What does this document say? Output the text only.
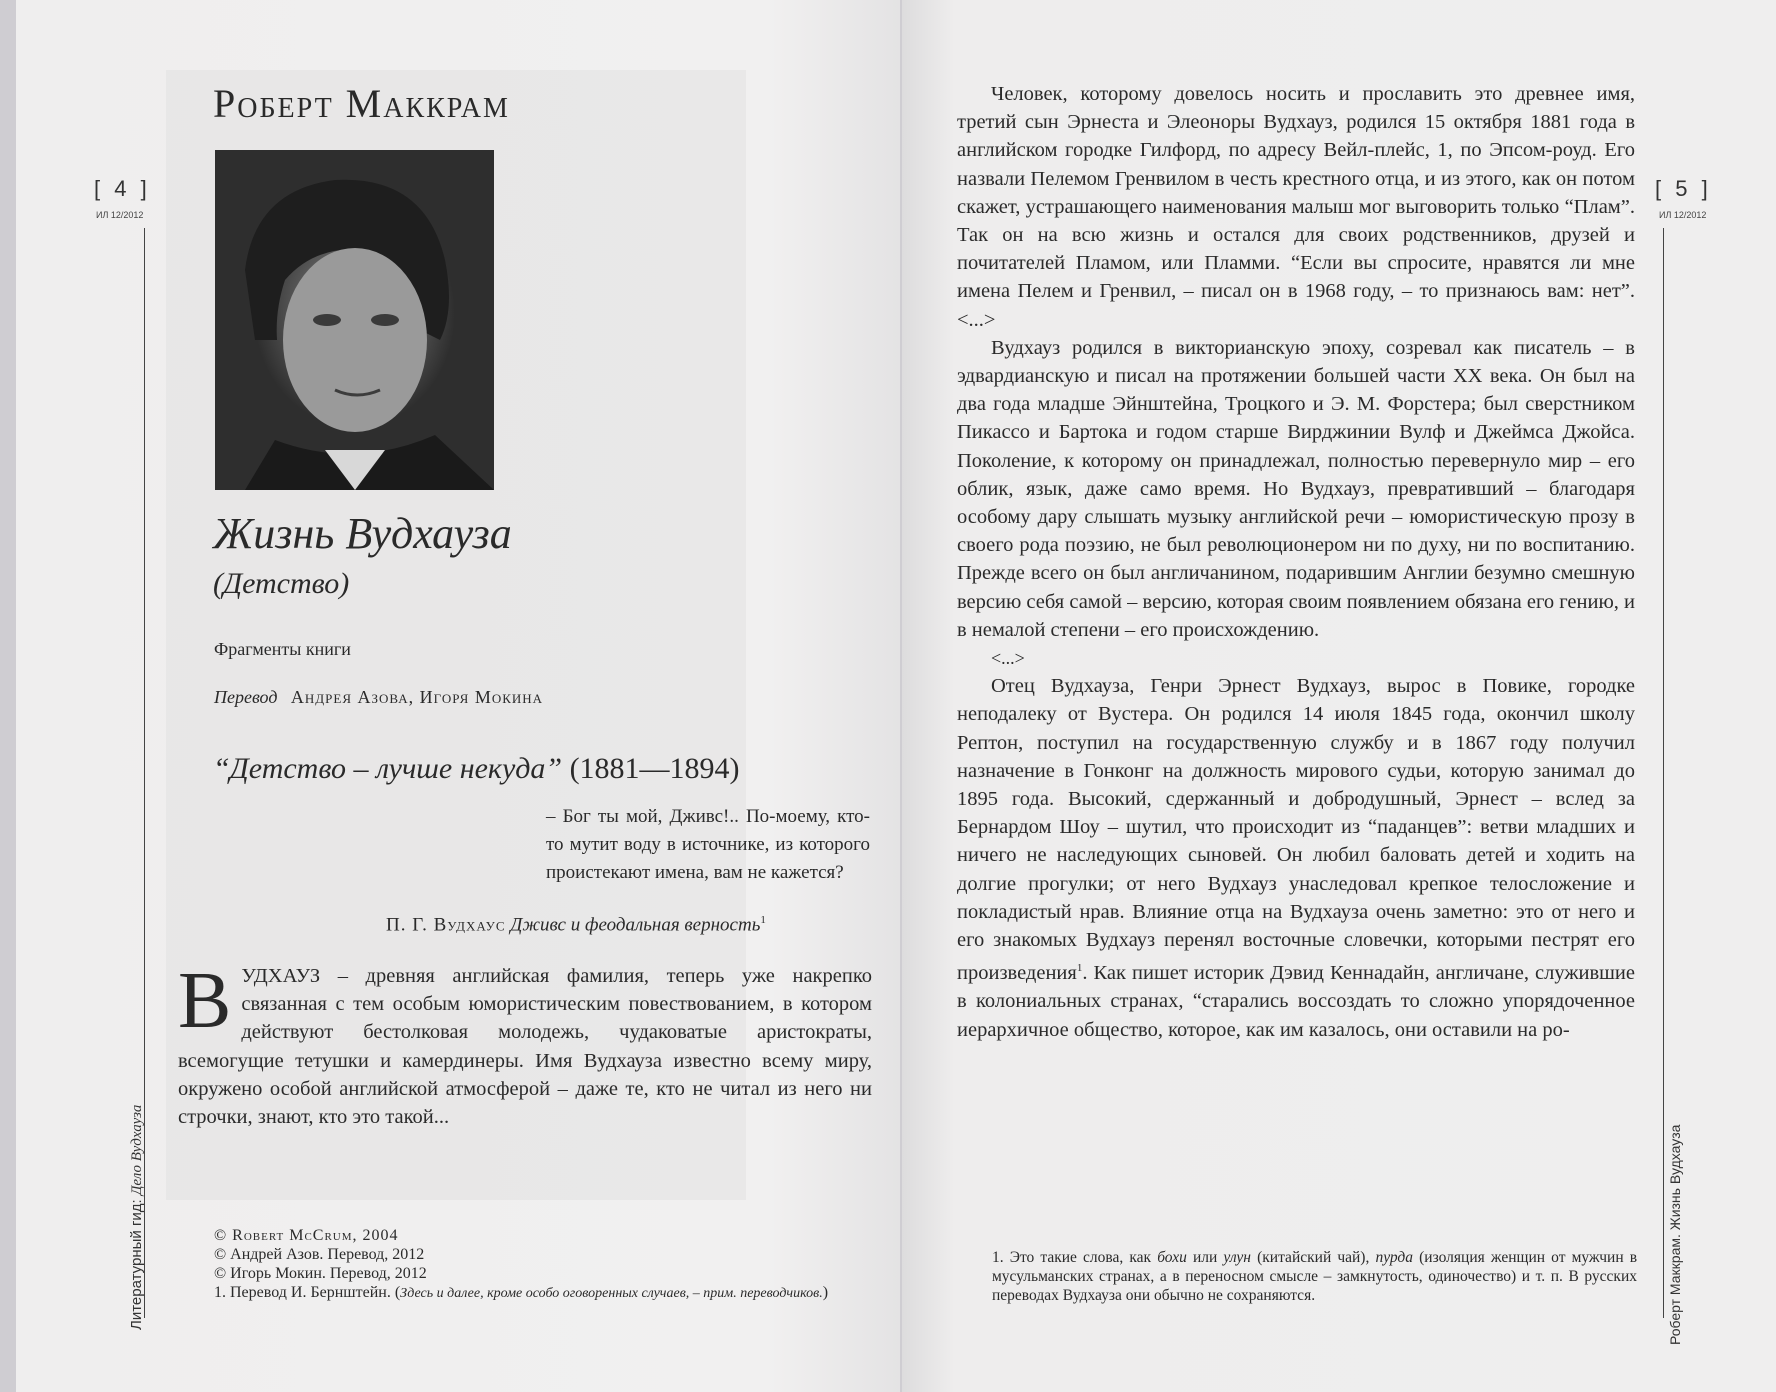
[ 4 ]
ИЛ 12/2012
Литературный гид: Дело Вудхауза
Роберт Маккрам
Жизнь Вудхауза
(Детство)
Фрагменты книги
Перевод Андрея Азова, Игоря Мокина
“Детство – лучше некуда” (1881—1894)
– Бог ты мой, Дживс!.. По-моему, кто-то мутит воду в источнике, из которого проистекают имена, вам не кажется?
П. Г. Вудхаус Дживс и феодальная верность$^1$
ВУДХАУЗ – древняя английская фамилия, теперь уже накрепко связанная с тем особым юмористическим повествованием, в котором действуют бестолковая молодежь, чудаковатые аристократы, всемогущие тетушки и камердинеры. Имя Вудхауза известно всему миру, окружено особой английской атмосферой – даже те, кто не читал из него ни строчки, знают, кто это такой...
© Robert McCrum, 2004
© Андрей Азов. Перевод, 2012
© Игорь Мокин. Перевод, 2012
1. Перевод И. Бернштейн. (Здесь и далее, кроме особо оговоренных случаев, – прим. переводчиков.)
[ 5 ]
ИЛ 12/2012
Роберт Маккрам. Жизнь Вудхауза

Человек, которому довелось носить и прославить это древнее имя, третий сын Эрнеста и Элеоноры Вудхауз, родился 15 октября 1881 года в английском городке Гилфорд, по адресу Вейл-плейс, 1, по Эпсом-роуд. Его назвали Пелемом Гренвилом в честь крестного отца, и из этого, как он потом скажет, устрашающего наименования малыш мог выговорить только “Плам”. Так он на всю жизнь и остался для своих родственников, друзей и почитателей Пламом, или Пламми. “Если вы спросите, нравятся ли мне имена Пелем и Гренвил, – писал он в 1968 году, – то признаюсь вам: нет”. <...>

Вудхауз родился в викторианскую эпоху, созревал как писатель – в эдвардианскую и писал на протяжении большей части XX века. Он был на два года младше Эйнштейна, Троцкого и Э. М. Форстера; был сверстником Пикассо и Бартока и годом старше Вирджинии Вулф и Джеймса Джойса. Поколение, к которому он принадлежал, полностью перевернуло мир – его облик, язык, даже само время. Но Вудхауз, превративший – благодаря особому дару слышать музыку английской речи – юмористическую прозу в своего рода поэзию, не был революционером ни по духу, ни по воспитанию. Прежде всего он был англичанином, подарившим Англии безумно смешную версию себя самой – версию, которая своим появлением обязана его гению, и в немалой степени – его происхождению.

<...>

Отец Вудхауза, Генри Эрнест Вудхауз, вырос в Повике, городке неподалеку от Вустера. Он родился 14 июля 1845 года, окончил школу Рептон, поступил на государственную службу и в 1867 году получил назначение в Гонконг на должность мирового судьи, которую занимал до 1895 года. Высокий, сдержанный и добродушный, Эрнест – вслед за Бернардом Шоу – шутил, что происходит из “паданцев”: ветви младших и ничего не наследующих сыновей. Он любил баловать детей и ходить на долгие прогулки; от него Вудхауз унаследовал крепкое телосложение и покладистый нрав. Влияние отца на Вудхауза очень заметно: это от него и его знакомых Вудхауз перенял восточные словечки, которыми пестрят его произведения$^1$. Как пишет историк Дэвид Кеннадайн, англичане, служившие в колониальных странах, “старались воссоздать то сложно упорядоченное иерархичное общество, которое, как им казалось, они оставили на ро-

1. Это такие слова, как бохи или улун (китайский чай), пурда (изоляция женщин от мужчин в мусульманских странах, а в переносном смысле – замкнутость, одиночество) и т. п. В русских переводах Вудхауза они обычно не сохраняются.
